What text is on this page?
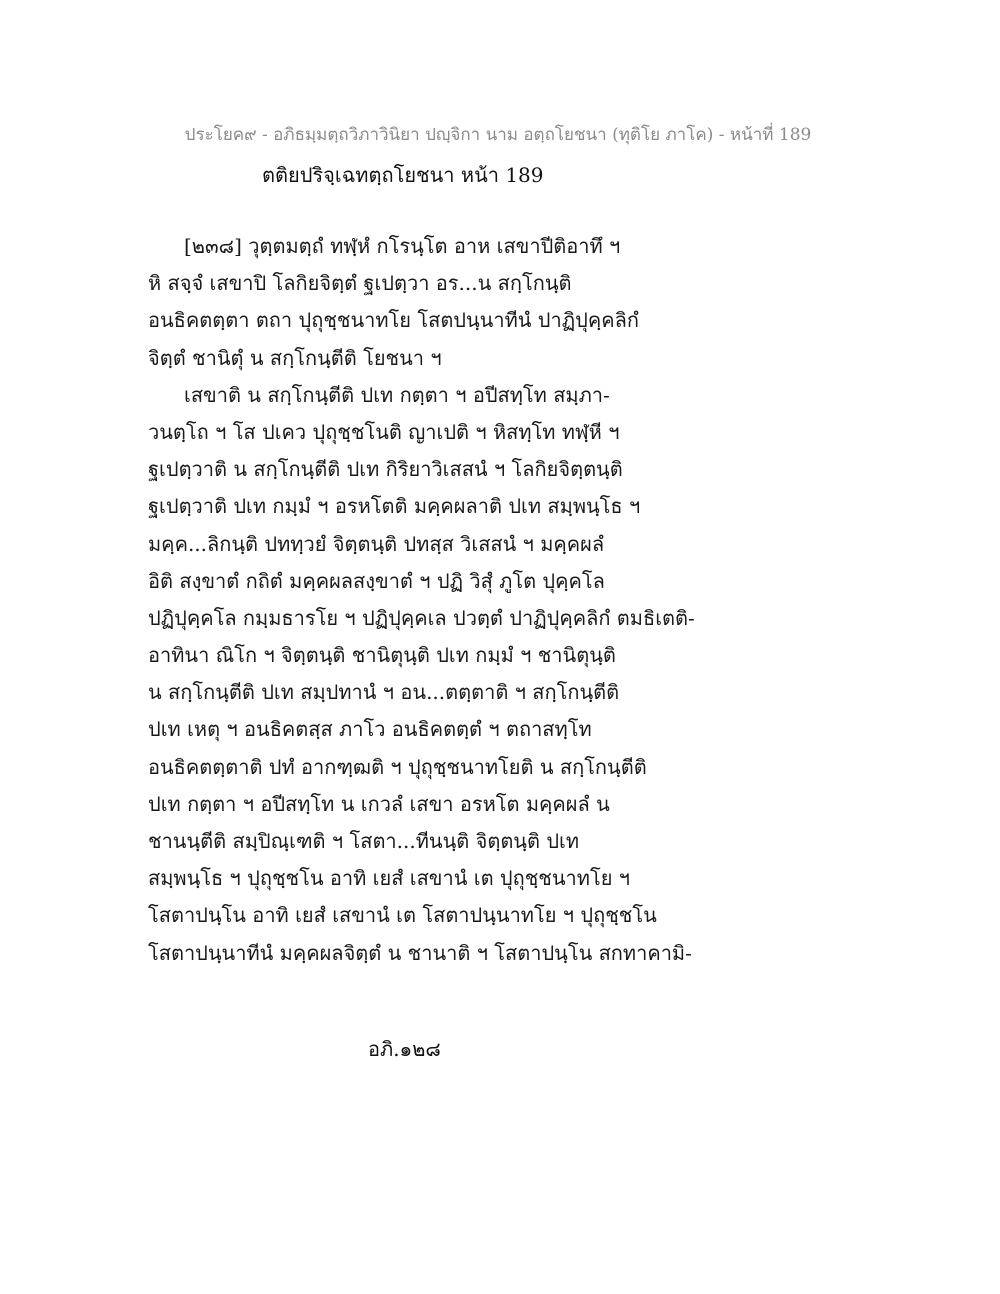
ประโยค๙ - อภิธมฺมตฺถวิภาวินิยา ปญฺจิกา นาม อตฺถโยชนา (ทุติโย ภาโค) - หน้าที่ 189
ตติยปริจฺเฉทตฺถโยชนา หน้า 189
[๒๓๘] วุตฺตมตฺถํ ทฬฺหํ กโรนฺโต อาห เสขาปีติอาทึ ฯ
หิ สจฺจํ เสขาปิ โลกิยจิตฺตํ ฐเปตฺวา อร...น สกฺโกนฺติ
อนธิคตตฺตา ตถา ปุถุชฺชนาทโย โสตปนฺนาทีนํ ปาฏิปุคฺคลิกํ
จิตฺตํ ชานิตุํ น สกฺโกนฺตีติ โยชนา ฯ
เสขาติ น สกฺโกนฺตีติ ปเท กตฺตา ฯ อปีสทฺโท สมฺภา-
วนตฺโถ ฯ โส ปเคว ปุถุชฺชโนติ ญาเปติ ฯ หิสทฺโท ทฬฺหี ฯ
ฐเปตฺวาติ น สกฺโกนฺตีติ ปเท กิริยาวิเสสนํ ฯ โลกิยจิตฺตนฺติ
ฐเปตฺวาติ ปเท กมฺมํ ฯ อรหโตติ มคฺคผลาติ ปเท สมฺพนฺโธ ฯ
มคฺค...ลิกนฺติ ปททฺวยํ จิตฺตนฺติ ปทสฺส วิเสสนํ ฯ มคฺคผลํ
อิติ สงฺขาตํ กถิตํ มคฺคผลสงฺขาตํ ฯ ปฏิ วิสุํ ภูโต ปุคฺคโล
ปฏิปุคฺคโล กมฺมธารโย ฯ ปฏิปุคฺคเล ปวตฺตํ ปาฏิปุคฺคลิกํ ตมธิเตติ-
อาทินา ณิโก ฯ จิตฺตนฺติ ชานิตุนฺติ ปเท กมฺมํ ฯ ชานิตุนฺติ
น สกฺโกนฺตีติ ปเท สมฺปทานํ ฯ อน...ตตฺตาติ ฯ สกฺโกนฺตีติ
ปเท เหตุ ฯ อนธิคตสฺส ภาโว อนธิคตตฺตํ ฯ ตถาสทฺโท
อนธิคตตฺตาติ ปทํ อากฑฺฒติ ฯ ปุถุชฺชนาทโยติ น สกฺโกนฺตีติ
ปเท กตฺตา ฯ อปีสทฺโท น เกวลํ เสขา อรหโต มคฺคผลํ น
ชานนฺตีติ สมฺปิณฺเฑติ ฯ โสตา...ทีนนฺติ จิตฺตนฺติ ปเท
สมฺพนฺโธ ฯ ปุถุชฺชโน อาทิ เยสํ เสขานํ เต ปุถุชฺชนาทโย ฯ
โสตาปนฺโน อาทิ เยสํ เสขานํ เต โสตาปนฺนาทโย ฯ ปุถุชฺชโน
โสตาปนฺนาทีนํ มคฺคผลจิตฺตํ น ชานาติ ฯ โสตาปนฺโน สกทาคามิ-
อภิ.๑๒๘
